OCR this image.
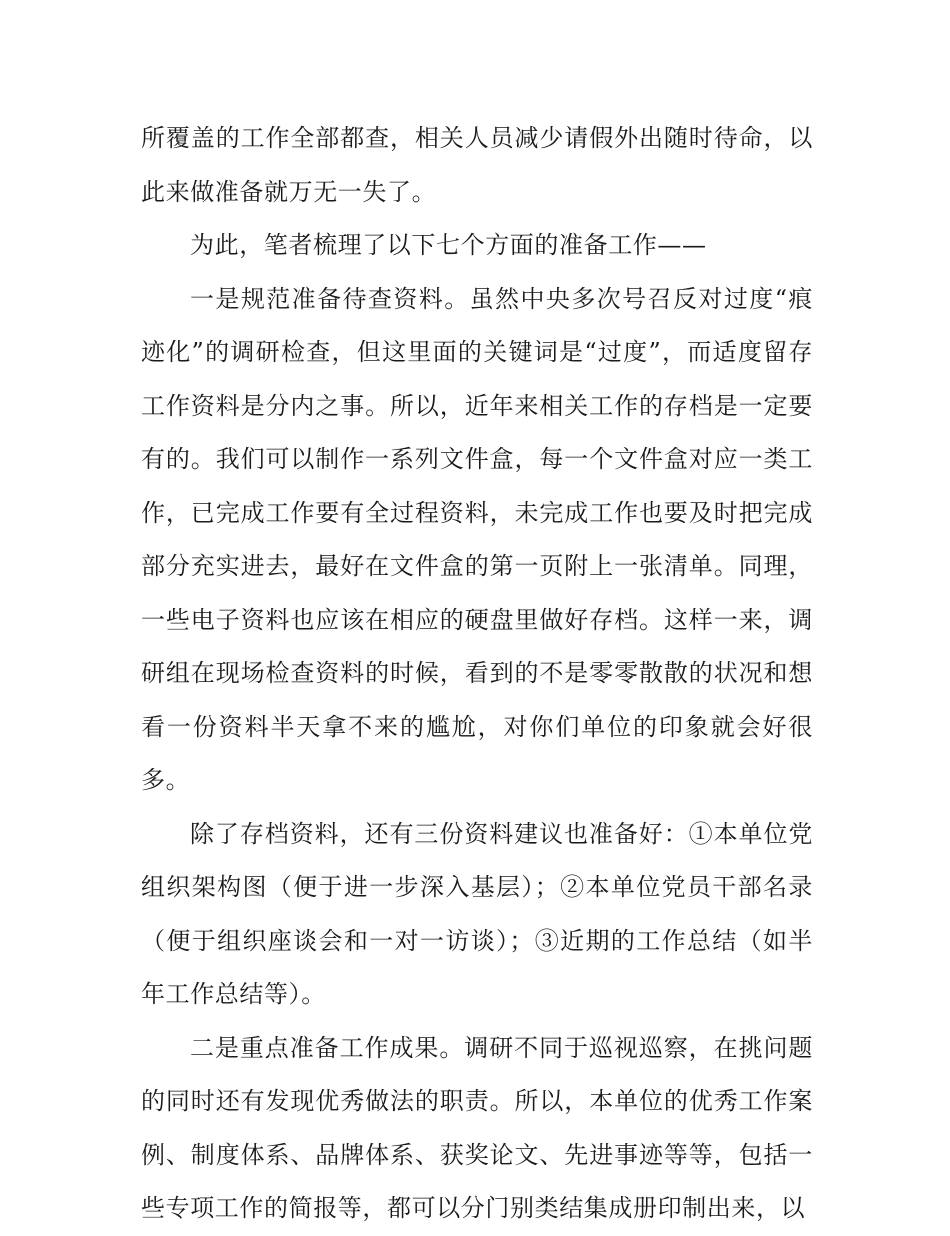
所覆盖的工作全部都查，相关人员减少请假外出随时待命，以此来做准备就万无一失了。

为此，笔者梳理了以下七个方面的准备工作——

一是规范准备待查资料。虽然中央多次号召反对过度“痕迹化”的调研检查，但这里面的关键词是“过度”，而适度留存工作资料是分内之事。所以，近年来相关工作的存档是一定要有的。我们可以制作一系列文件盒，每一个文件盒对应一类工作，已完成工作要有全过程资料，未完成工作也要及时把完成部分充实进去，最好在文件盒的第一页附上一张清单。同理，一些电子资料也应该在相应的硬盘里做好存档。这样一来，调研组在现场检查资料的时候，看到的不是零零散散的状况和想看一份资料半天拿不来的尴尬，对你们单位的印象就会好很多。

除了存档资料，还有三份资料建议也准备好：①本单位党组织架构图（便于进一步深入基层）；②本单位党员干部名录（便于组织座谈会和一对一访谈）；③近期的工作总结（如半年工作总结等）。

二是重点准备工作成果。调研不同于巡视巡察，在挑问题的同时还有发现优秀做法的职责。所以，本单位的优秀工作案例、制度体系、品牌体系、获奖论文、先进事迹等等，包括一些专项工作的简报等，都可以分门别类结集成册印制出来，以
